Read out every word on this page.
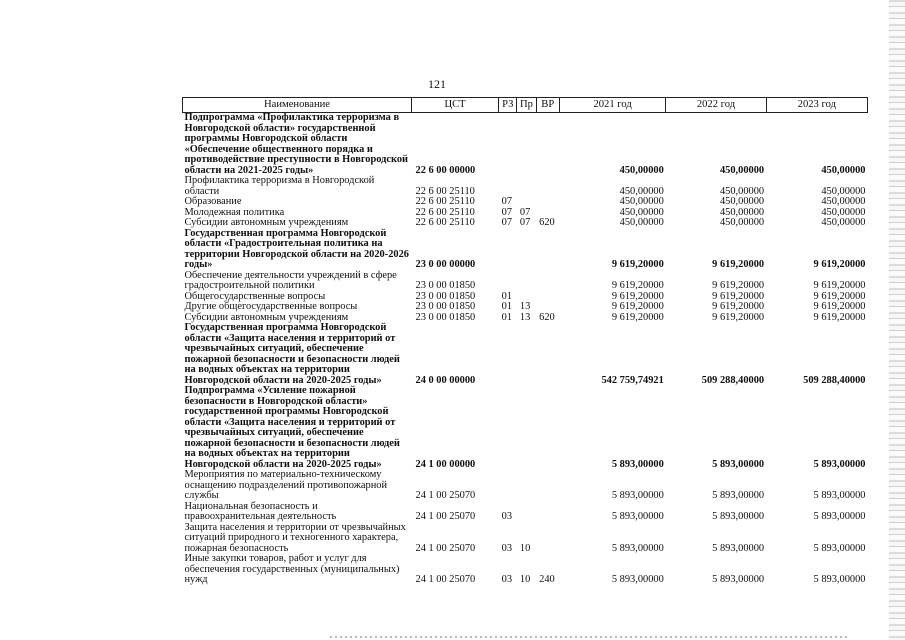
121
Наименование	ЦСТ	РЗ	Пр	ВР	2021 год	2022 год	2023 год
Подпрограмма «Профилактика терроризма в Новгородской области» государственной программы Новгородской области «Обеспечение общественного порядка и противодействие преступности в Новгородской области на 2021-2025 годы»	22 6 00 00000				450,00000	450,00000	450,00000
Профилактика терроризма в Новгородской области	22 6 00 25110				450,00000	450,00000	450,00000
Образование	22 6 00 25110	07			450,00000	450,00000	450,00000
Молодежная политика	22 6 00 25110	07	07		450,00000	450,00000	450,00000
Субсидии автономным учреждениям	22 6 00 25110	07	07	620	450,00000	450,00000	450,00000
Государственная программа Новгородской области «Градостроительная политика на территории Новгородской области на 2020-2026 годы»	23 0 00 00000				9 619,20000	9 619,20000	9 619,20000
Обеспечение деятельности учреждений в сфере градостроительной политики	23 0 00 01850				9 619,20000	9 619,20000	9 619,20000
Общегосударственные вопросы	23 0 00 01850	01			9 619,20000	9 619,20000	9 619,20000
Другие общегосударственные вопросы	23 0 00 01850	01	13		9 619,20000	9 619,20000	9 619,20000
Субсидии автономным учреждениям	23 0 00 01850	01	13	620	9 619,20000	9 619,20000	9 619,20000
Государственная программа Новгородской области «Защита населения и территорий от чрезвычайных ситуаций, обеспечение пожарной безопасности и безопасности людей на водных объектах на территории Новгородской области на 2020-2025 годы»	24 0 00 00000				542 759,74921	509 288,40000	509 288,40000
Подпрограмма «Усиление пожарной безопасности в Новгородской области» государственной программы Новгородской области «Защита населения и территорий от чрезвычайных ситуаций, обеспечение пожарной безопасности и безопасности людей на водных объектах на территории Новгородской области на 2020-2025 годы»	24 1 00 00000				5 893,00000	5 893,00000	5 893,00000
Мероприятия по материально-техническому оснащению подразделений противопожарной службы	24 1 00 25070				5 893,00000	5 893,00000	5 893,00000
Национальная безопасность и правоохранительная деятельность	24 1 00 25070	03			5 893,00000	5 893,00000	5 893,00000
Защита населения и территории от чрезвычайных ситуаций природного и техногенного характера, пожарная безопасность	24 1 00 25070	03	10		5 893,00000	5 893,00000	5 893,00000
Иные закупки товаров, работ и услуг для обеспечения государственных (муниципальных) нужд	24 1 00 25070	03	10	240	5 893,00000	5 893,00000	5 893,00000
